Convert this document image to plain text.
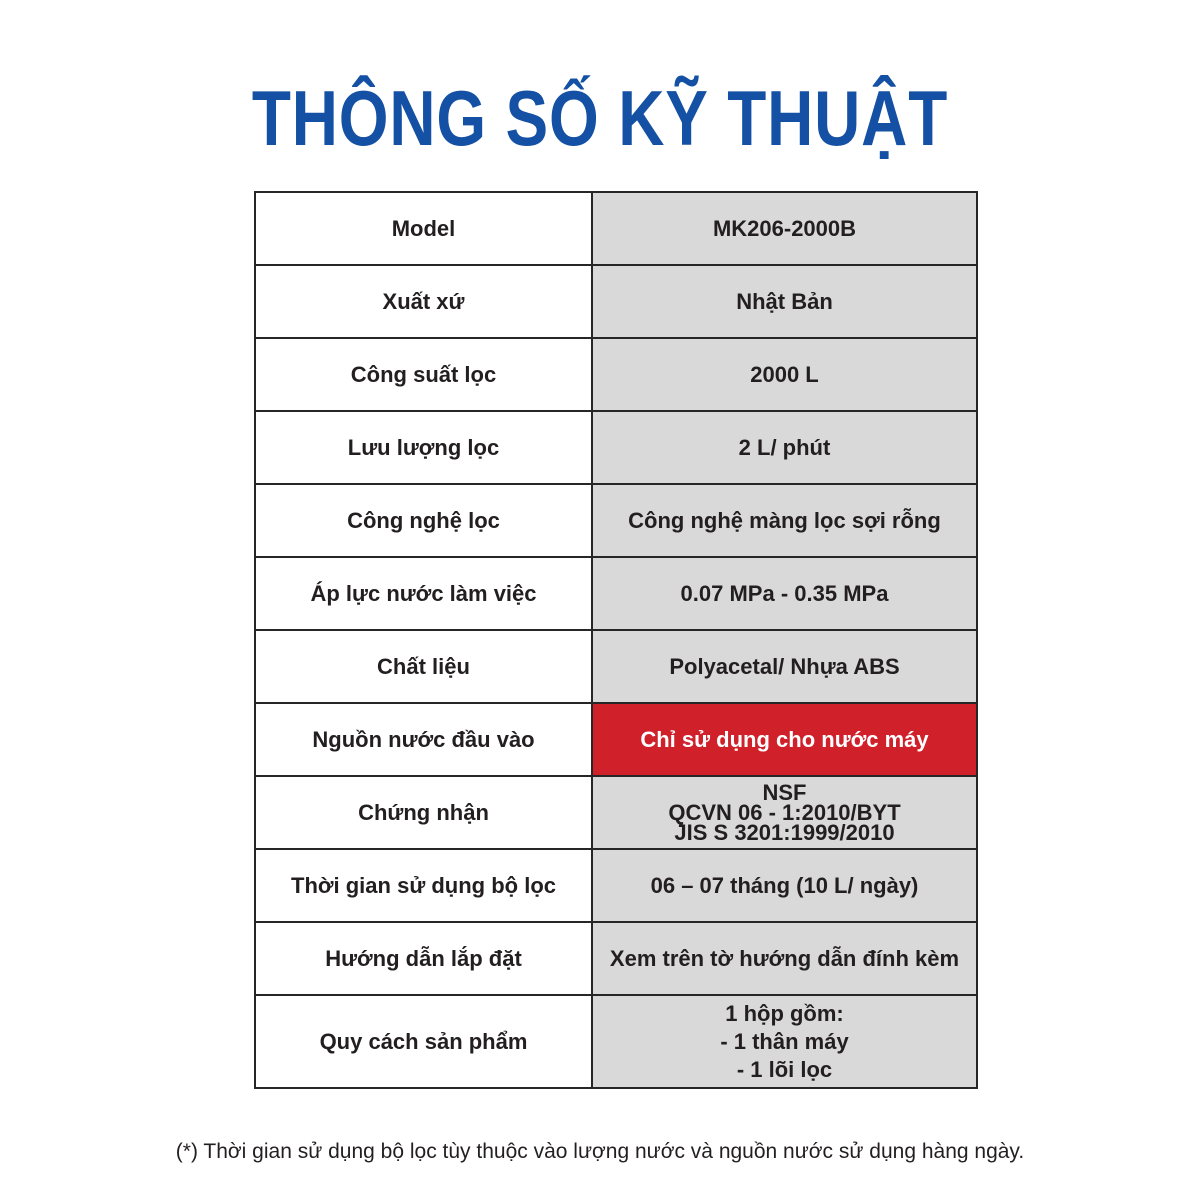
THÔNG SỐ KỸ THUẬT
Model	MK206-2000B
Xuất xứ	Nhật Bản
Công suất lọc	2000 L
Lưu lượng lọc	2 L/ phút
Công nghệ lọc	Công nghệ màng lọc sợi rỗng
Áp lực nước làm việc	0.07 MPa - 0.35 MPa
Chất liệu	Polyacetal/ Nhựa ABS
Nguồn nước đầu vào	Chỉ sử dụng cho nước máy
Chứng nhận	NSF
QCVN 06 - 1:2010/BYT
JIS S 3201:1999/2010

Thời gian sử dụng bộ lọc	06 – 07 tháng (10 L/ ngày)
Hướng dẫn lắp đặt	Xem trên tờ hướng dẫn đính kèm
Quy cách sản phẩm	1 hộp gồm:
- 1 thân máy
- 1 lõi lọc
(*) Thời gian sử dụng bộ lọc tùy thuộc vào lượng nước và nguồn nước sử dụng hàng ngày.
